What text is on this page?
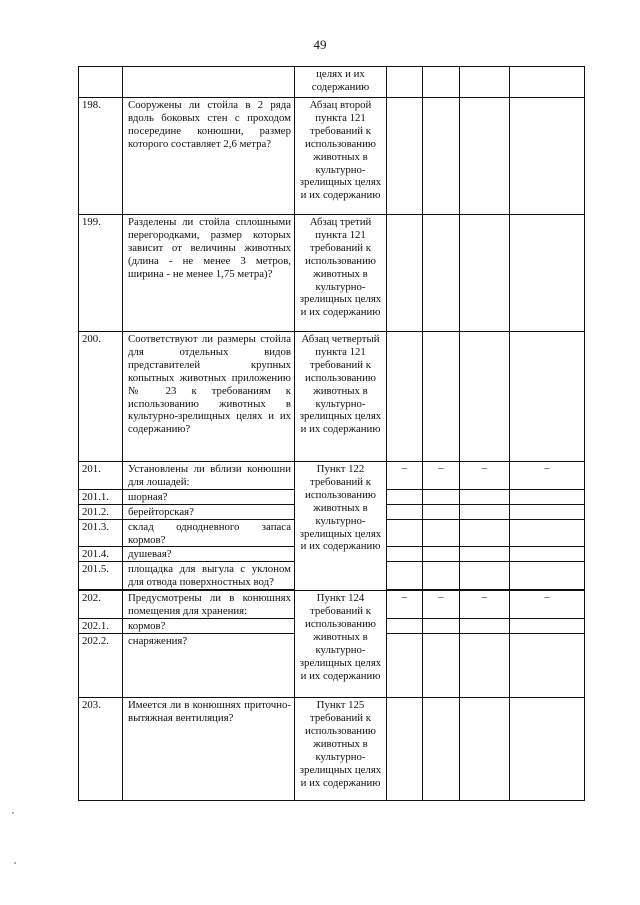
49
		целях и их содержанию				
198.	Сооружены ли стойла в 2 ряда вдоль боковых стен с проходом посередине конюшни, размер которого составляет 2,6 метра?	Абзац второй пункта 121 требований к использованию животных в культурно-зрелищных целях и их содержанию				
199.	Разделены ли стойла сплошными перегородками, размер которых зависит от величины животных (длина - не менее 3 метров, ширина - не менее 1,75 метра)?	Абзац третий пункта 121 требований к использованию животных в культурно-зрелищных целях и их содержанию				
200.	Соответствуют ли размеры стойла для отдельных видов представителей крупных копытных животных приложению № 23 к требованиям к использованию животных в культурно-зрелищных целях и их содержанию?	Абзац четвертый пункта 121 требований к использованию животных в культурно-зрелищных целях и их содержанию				
201.	Установлены ли вблизи конюшни для лошадей:	Пункт 122 требований к использованию животных в культурно-зрелищных целях и их содержанию	–	–	–	–
201.1.	шорная?					
201.2.	берейторская?					
201.3.	склад однодневного запаса кормов?					
201.4.	душевая?					
201.5.	площадка для выгула с уклоном для отвода поверхностных вод?					

202.	Предусмотрены ли в конюшнях помещения для хранения:	Пункт 124 требований к использованию животных в культурно-зрелищных целях и их содержанию	–	–	–	–
202.1.	кормов?					
202.2.	снаряжения?					
203.	Имеется ли в конюшнях приточно-вытяжная вентиляция?	Пункт 125 требований к использованию животных в культурно-зрелищных целях и их содержанию				
